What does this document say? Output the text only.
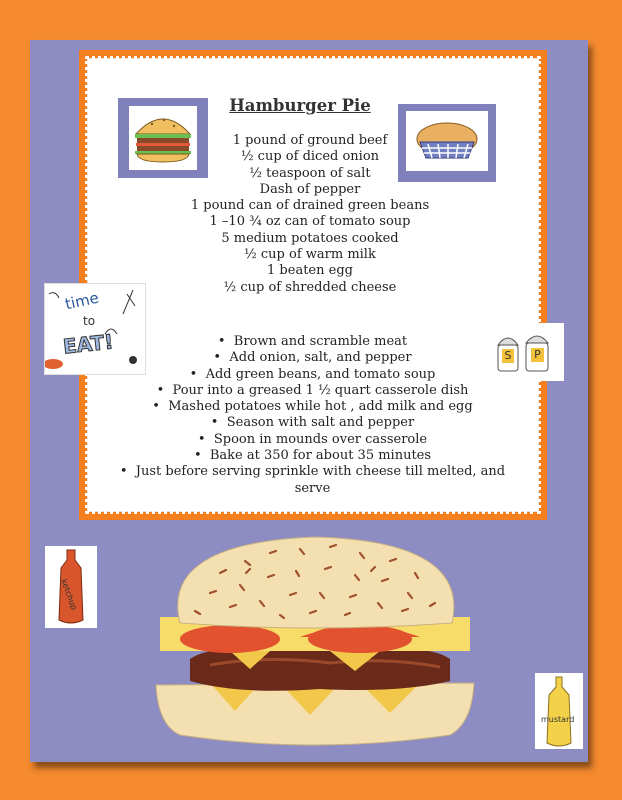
Hamburger Pie
1 pound of ground beef
½ cup of diced onion
½ teaspoon of salt
Dash of pepper
1 pound can of drained green beans
1 –10 ¾ oz can of tomato soup
5 medium potatoes cooked
½ cup of warm milk
1 beaten egg
½ cup of shredded cheese
•  Brown and scramble meat
•  Add onion, salt, and pepper
•  Add green beans, and tomato soup
•  Pour into a greased 1 ½ quart casserole dish
•  Mashed potatoes while hot , add milk and egg
•  Season with salt and pepper
•  Spoon in mounds over casserole
•  Bake at 350 for about 35 minutes
•  Just before serving sprinkle with cheese till melted, and serve
time
to
EAT!	S P
ketchup
mustard
